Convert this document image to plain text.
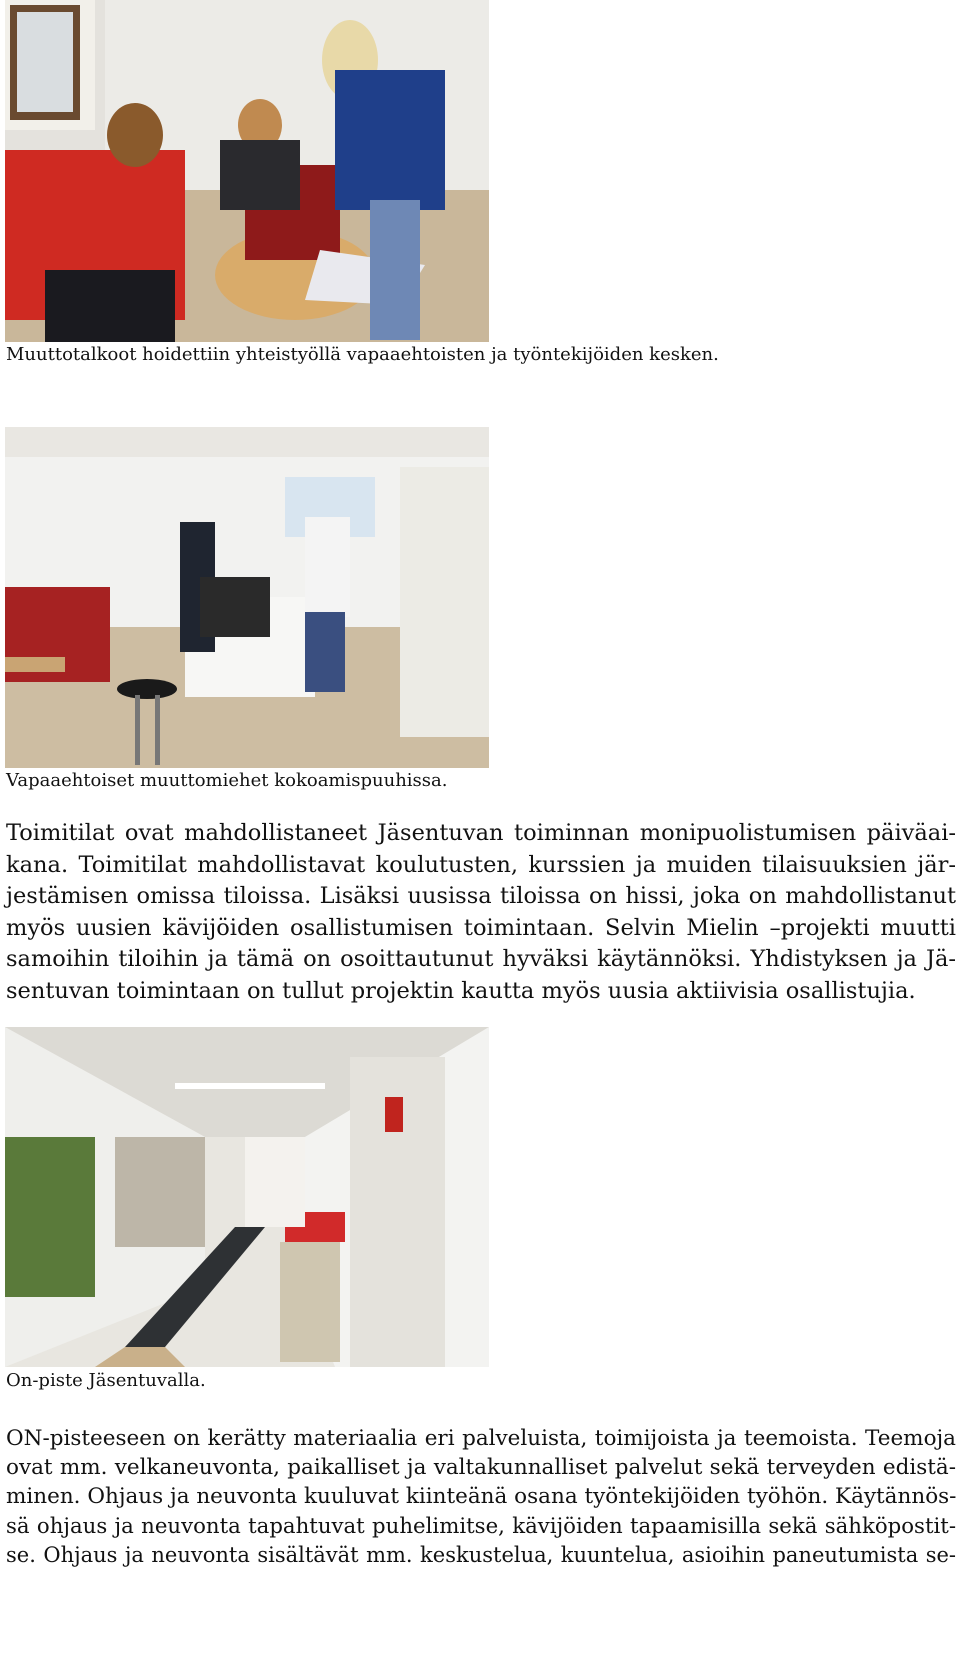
Muuttotalkoot hoidettiin yhteistyöllä vapaaehtoisten ja työntekijöiden kesken.
Vapaaehtoiset muuttomiehet kokoamispuuhissa.
Toimitilat ovat mahdollistaneet Jäsentuvan toiminnan monipuolistumisen päiväai-
kana. Toimitilat mahdollistavat koulutusten, kurssien ja muiden tilaisuuksien jär-
jestämisen omissa tiloissa. Lisäksi uusissa tiloissa on hissi, joka on mahdollistanut
myös uusien kävijöiden osallistumisen toimintaan. Selvin Mielin –projekti muutti
samoihin tiloihin ja tämä on osoittautunut hyväksi käytännöksi. Yhdistyksen ja Jä-
sentuvan toimintaan on tullut projektin kautta myös uusia aktiivisia osallistujia.
On-piste Jäsentuvalla.
ON-pisteeseen on kerätty materiaalia eri palveluista, toimijoista ja teemoista. Teemoja
ovat mm. velkaneuvonta, paikalliset ja valtakunnalliset palvelut sekä terveyden edistä-
minen. Ohjaus ja neuvonta kuuluvat kiinteänä osana työntekijöiden työhön. Käytännös-
sä ohjaus ja neuvonta tapahtuvat puhelimitse, kävijöiden tapaamisilla sekä sähköpostit-
se. Ohjaus ja neuvonta sisältävät mm. keskustelua, kuuntelua, asioihin paneutumista se-
